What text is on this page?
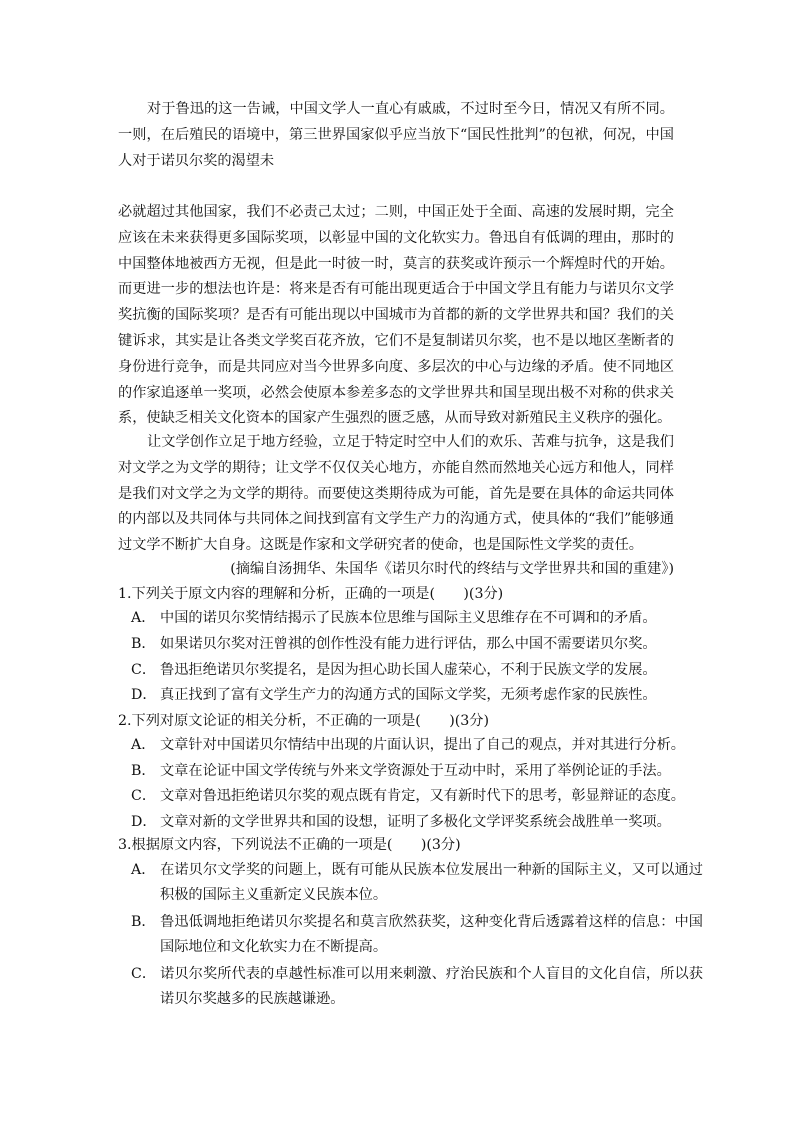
对于鲁迅的这一告诫，中国文学人一直心有戚戚，不过时至今日，情况又有所不同。一则，在后殖民的语境中，第三世界国家似乎应当放下“国民性批判”的包袱，何况，中国人对于诺贝尔奖的渴望未

必就超过其他国家，我们不必责己太过；二则，中国正处于全面、高速的发展时期，完全应该在未来获得更多国际奖项，以彰显中国的文化软实力。鲁迅自有低调的理由，那时的中国整体地被西方无视，但是此一时彼一时，莫言的获奖或许预示一个辉煌时代的开始。而更进一步的想法也许是：将来是否有可能出现更适合于中国文学且有能力与诺贝尔文学奖抗衡的国际奖项？是否有可能出现以中国城市为首都的新的文学世界共和国？我们的关键诉求，其实是让各类文学奖百花齐放，它们不是复制诺贝尔奖，也不是以地区垄断者的身份进行竞争，而是共同应对当今世界多向度、多层次的中心与边缘的矛盾。使不同地区的作家追逐单一奖项，必然会使原本参差多态的文学世界共和国呈现出极不对称的供求关系，使缺乏相关文化资本的国家产生强烈的匮乏感，从而导致对新殖民主义秩序的强化。

让文学创作立足于地方经验，立足于特定时空中人们的欢乐、苦难与抗争，这是我们对文学之为文学的期待；让文学不仅仅关心地方，亦能自然而然地关心远方和他人，同样是我们对文学之为文学的期待。而要使这类期待成为可能，首先是要在具体的命运共同体的内部以及共同体与共同体之间找到富有文学生产力的沟通方式，使具体的“我们”能够通过文学不断扩大自身。这既是作家和文学研究者的使命，也是国际性文学奖的责任。

(摘编自汤拥华、朱国华《诺贝尔时代的终结与文学世界共和国的重建》)

1.下列关于原文内容的理解和分析，正确的一项是(　　)(3分)

A． 中国的诺贝尔奖情结揭示了民族本位思维与国际主义思维存在不可调和的矛盾。

B． 如果诺贝尔奖对汪曾祺的创作性没有能力进行评估，那么中国不需要诺贝尔奖。

C． 鲁迅拒绝诺贝尔奖提名，是因为担心助长国人虚荣心，不利于民族文学的发展。

D． 真正找到了富有文学生产力的沟通方式的国际文学奖，无须考虑作家的民族性。

2.下列对原文论证的相关分析，不正确的一项是(　　)(3分)

A． 文章针对中国诺贝尔情结中出现的片面认识，提出了自己的观点，并对其进行分析。

B． 文章在论证中国文学传统与外来文学资源处于互动中时，采用了举例论证的手法。

C． 文章对鲁迅拒绝诺贝尔奖的观点既有肯定，又有新时代下的思考，彰显辩证的态度。

D． 文章对新的文学世界共和国的设想，证明了多极化文学评奖系统会战胜单一奖项。

3.根据原文内容，下列说法不正确的一项是(　　)(3分)

A． 在诺贝尔文学奖的问题上，既有可能从民族本位发展出一种新的国际主义，又可以通过积极的国际主义重新定义民族本位。

B． 鲁迅低调地拒绝诺贝尔奖提名和莫言欣然获奖，这种变化背后透露着这样的信息：中国国际地位和文化软实力在不断提高。

C． 诺贝尔奖所代表的卓越性标准可以用来刺激、疗治民族和个人盲目的文化自信，所以获诺贝尔奖越多的民族越谦逊。
